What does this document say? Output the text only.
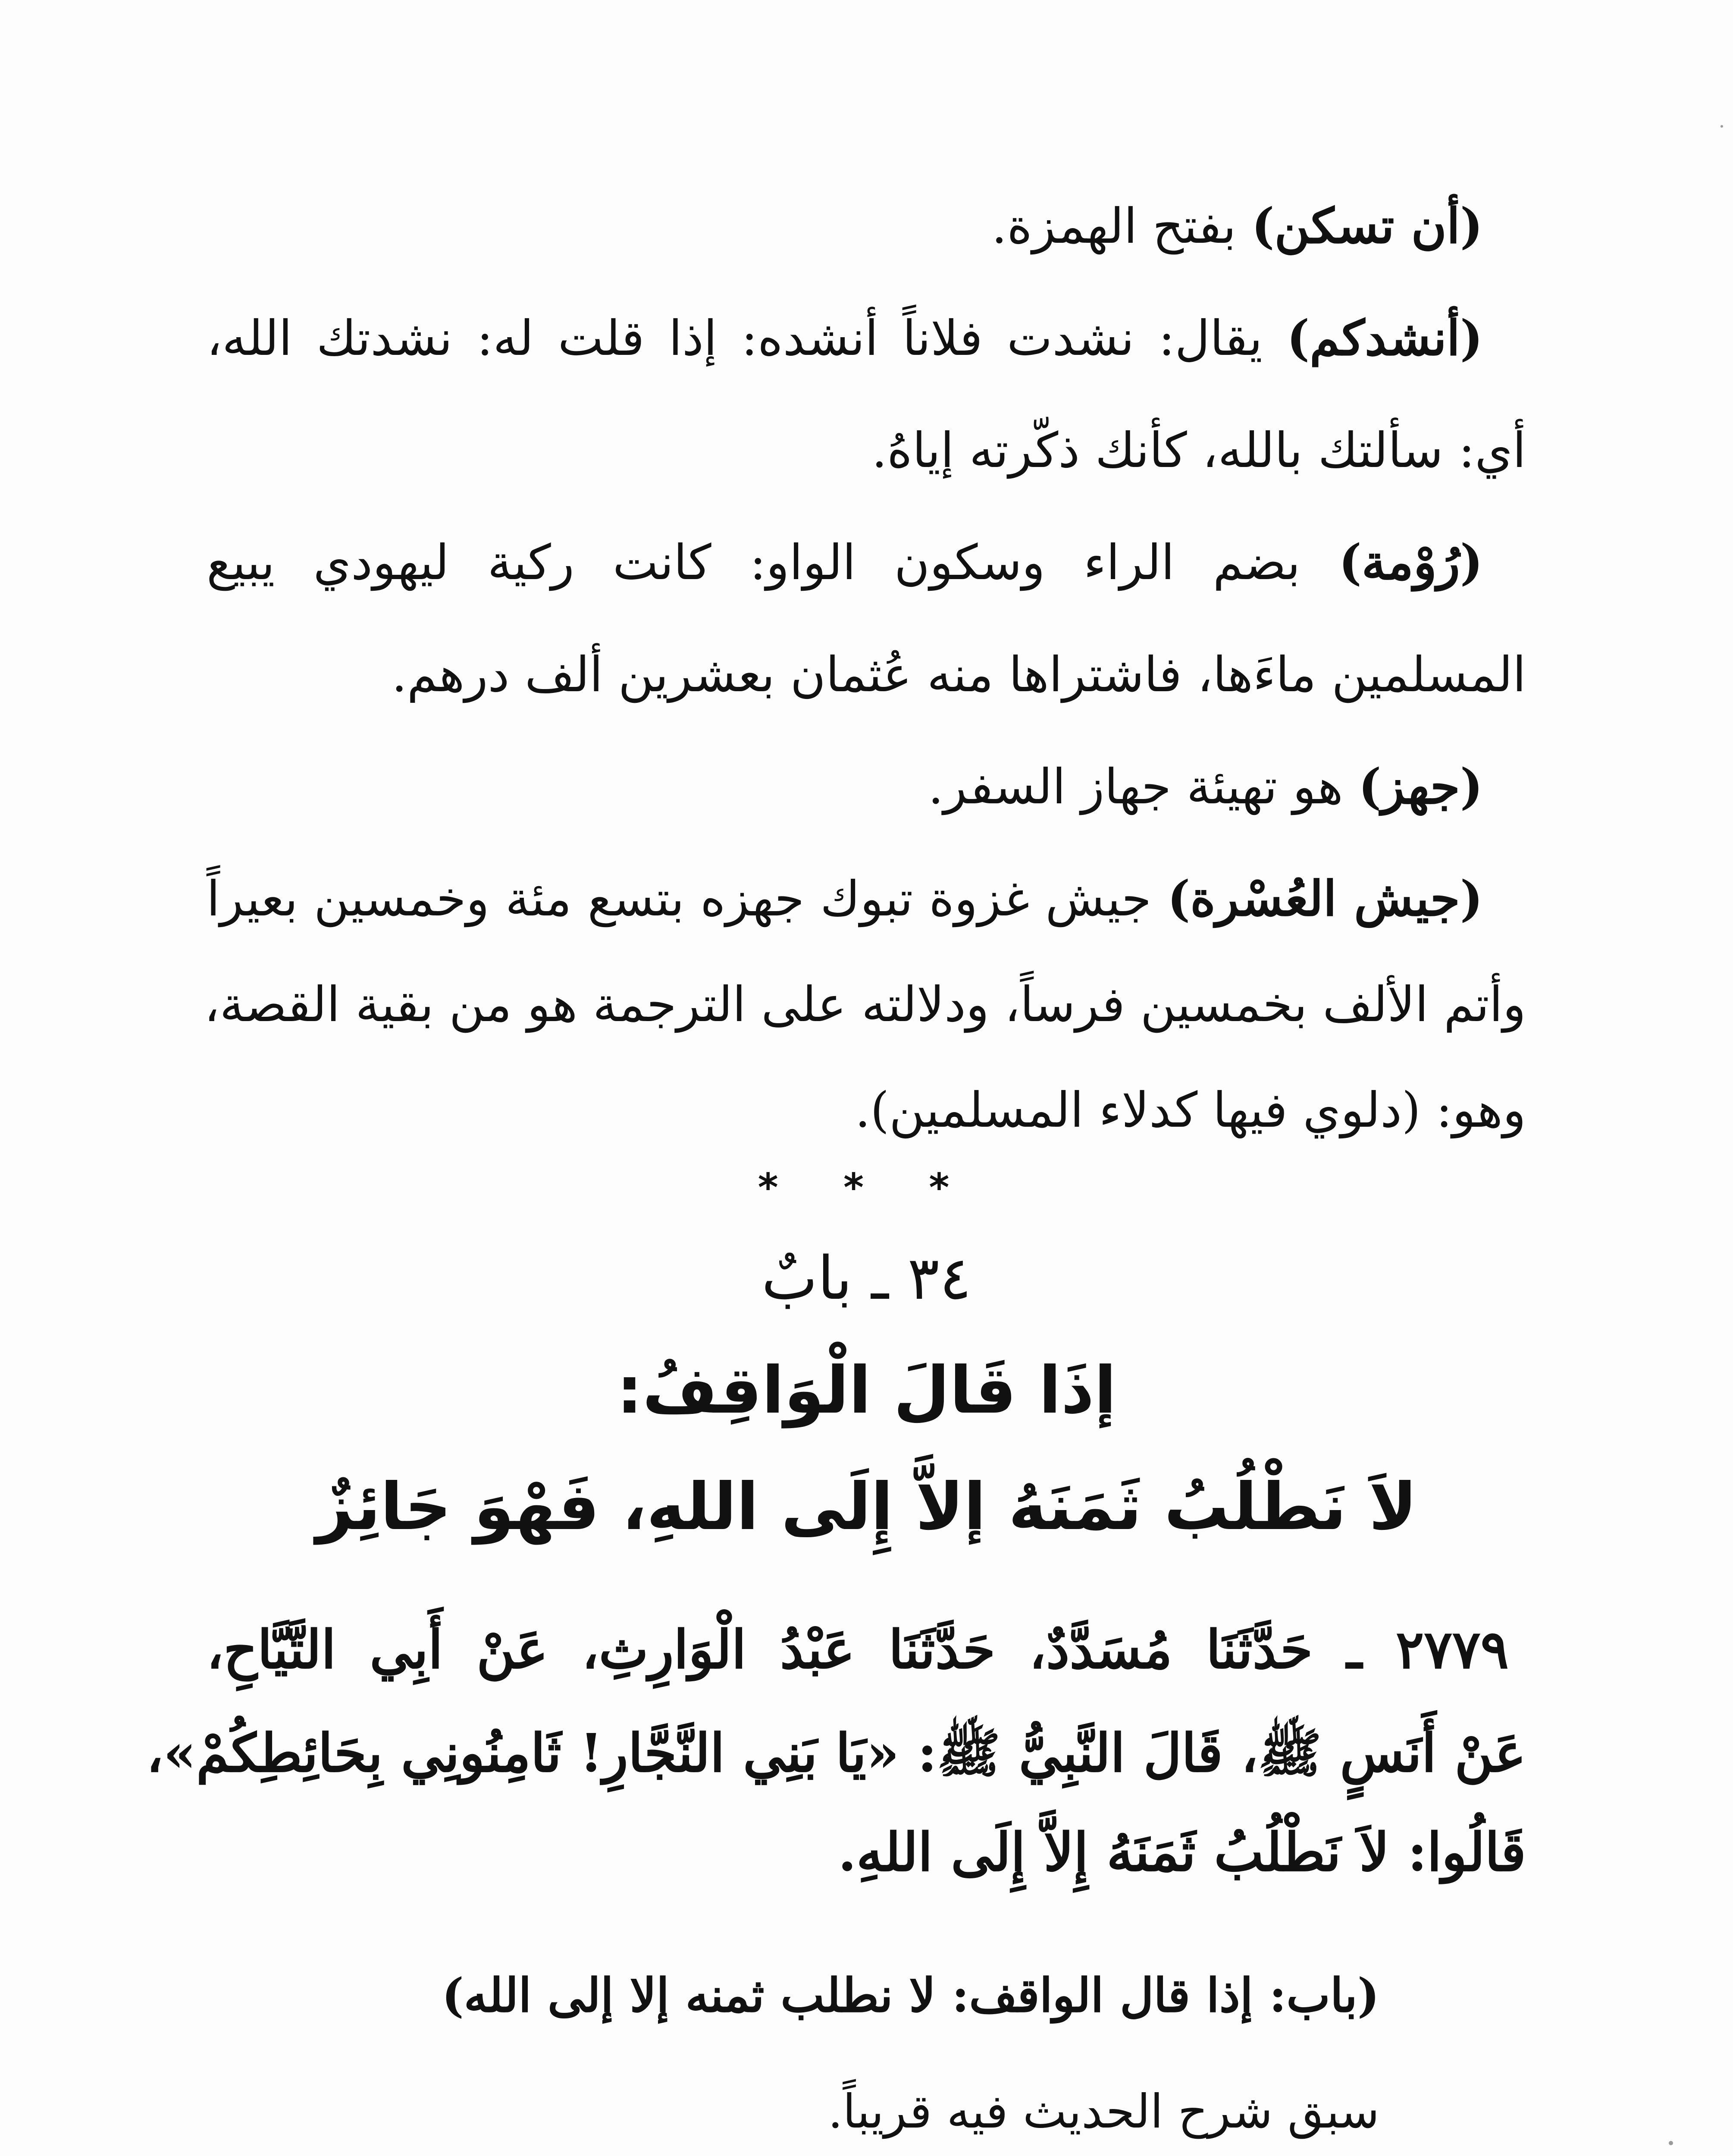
(أن تسكن) بفتح الهمزة.
(أنشدكم) يقال: نشدت فلاناً أنشده: إذا قلت له: نشدتك الله،
أي: سألتك بالله، كأنك ذكّرته إياهُ.
(رُوْمة) بضم الراء وسكون الواو: كانت ركية ليهودي يبيع
المسلمين ماءَها، فاشتراها منه عُثمان بعشرين ألف درهم.
(جهز) هو تهيئة جهاز السفر.
(جيش العُسْرة) جيش غزوة تبوك جهزه بتسع مئة وخمسين بعيراً
وأتم الألف بخمسين فرساً، ودلالته على الترجمة هو من بقية القصة،
وهو: (دلوي فيها كدلاء المسلمين).
* * *
٣٤ ـ بابٌ
إذَا قَالَ الْوَاقِفُ:
لاَ نَطْلُبُ ثَمَنَهُ إلاَّ إِلَى اللهِ، فَهْوَ جَائِزٌ
٢٧٧٩ ـ حَدَّثَنَا مُسَدَّدٌ، حَدَّثَنَا عَبْدُ الْوَارِثِ، عَنْ أَبِي التَّيَّاحِ،
عَنْ أَنَسٍ ﷺ، قَالَ النَّبِيُّ ﷺ: «يَا بَنِي النَّجَّارِ! ثَامِنُونِي بِحَائِطِكُمْ»،
قَالُوا: لاَ نَطْلُبُ ثَمَنَهُ إِلاَّ إِلَى اللهِ.
(باب: إذا قال الواقف: لا نطلب ثمنه إلا إلى الله)
سبق شرح الحديث فيه قريباً.
